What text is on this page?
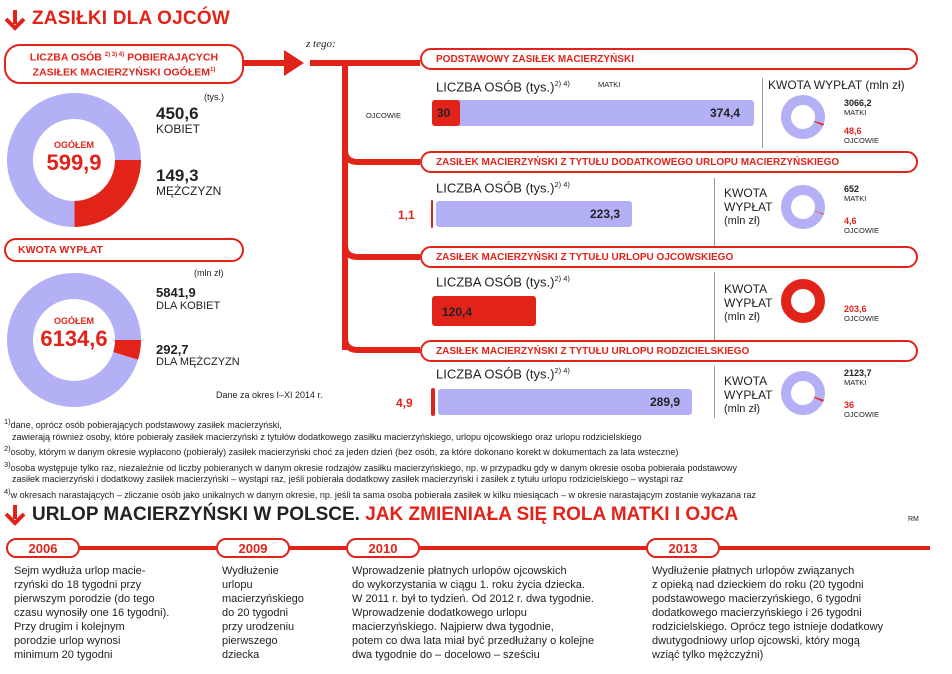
ZASIŁKI DLA OJCÓW
z tego:
LICZBA OSÓB $^{2) 3) 4)}$ POBIERAJĄCYCH
ZASIŁEK MACIERZYŃSKI OGÓŁEM$^{1)}$
(tys.)
OGÓŁEM
599,9
450,6
KOBIET
149,3
MĘŻCZYZN
KWOTA WYPŁAT
(mln zł)
OGÓŁEM
6134,6
5841,9
DLA KOBIET
292,7
DLA MĘŻCZYZN
Dane za okres I–XI 2014 r.
PODSTAWOWY ZASIŁEK MACIERZYŃSKI
LICZBA OSÓB $(tys.)^{2) 4)}$	MATKI
OJCOWIE	30	374,4
KWOTA WYPŁAT (mln zł)
3066,2
MATKI
48,6
OJCOWIE
ZASIŁEK MACIERZYŃSKI Z TYTUŁU DODATKOWEGO URLOPU MACIERZYŃSKIEGO
LICZBA OSÓB $(tys.)^{2) 4)}$
1,1	223,3
KWOTA
WYPŁAT
(mln zł)
652
MATKI
4,6
OJCOWIE
ZASIŁEK MACIERZYŃSKI Z TYTUŁU URLOPU OJCOWSKIEGO
LICZBA OSÓB $(tys.)^{2) 4)}$
120,4
KWOTA
WYPŁAT
(mln zł)
203,6
OJCOWIE
ZASIŁEK MACIERZYŃSKI Z TYTUŁU URLOPU RODZICIELSKIEGO
LICZBA OSÓB $(tys.)^{2) 4)}$
4,9	289,9
KWOTA
WYPŁAT
(mln zł)
2123,7
MATKI
36
OJCOWIE
$^{1)}$dane, oprócz osób pobierających podstawowy zasiłek macierzyński,
zawierają również osoby, które pobierały zasiłek macierzyński z tytułów dodatkowego zasiłku macierzyńskiego, urlopu ojcowskiego oraz urlopu rodzicielskiego
$^{2)}$osoby, którym w danym okresie wypłacono (pobierały) zasiłek macierzyński choć za jeden dzień (bez osób, za które dokonano korekt w dokumentach za lata wsteczne)
$^{3)}$osoba występuje tylko raz, niezależnie od liczby pobieranych w danym okresie rodzajów zasiłku macierzyńskiego, np. w przypadku gdy w danym okresie osoba pobierała podstawowy
zasiłek macierzyński i dodatkowy zasiłek macierzyński – wystąpi raz, jeśli pobierała dodatkowy zasiłek macierzyński i zasiłek z tytułu urlopu rodzicielskiego – wystąpi raz
$^{4)}$w okresach narastających – zliczanie osób jako unikalnych w danym okresie, np. jeśli ta sama osoba pobierała zasiłek w kilku miesiącach – w okresie narastającym zostanie wykazana raz
URLOP MACIERZYŃSKI W POLSCE. JAK ZMIENIAŁA SIĘ ROLA MATKI I OJCA	RM
2006	2009	2010	2013
Sejm wydłuża urlop macie-
rzyński do 18 tygodni przy
pierwszym porodzie (do tego
czasu wynosiły one 16 tygodni).
Przy drugim i kolejnym
porodzie urlop wynosi
minimum 20 tygodni
Wydłużenie
urlopu
macierzyńskiego
do 20 tygodni
przy urodzeniu
pierwszego
dziecka
Wprowadzenie płatnych urlopów ojcowskich
do wykorzystania w ciągu 1. roku życia dziecka.
W 2011 r. był to tydzień. Od 2012 r. dwa tygodnie.
Wprowadzenie dodatkowego urlopu
macierzyńskiego. Najpierw dwa tygodnie,
potem co dwa lata miał być przedłużany o kolejne
dwa tygodnie do – docelowo – sześciu
Wydłużenie płatnych urlopów związanych
z opieką nad dzieckiem do roku (20 tygodni
podstawowego macierzyńskiego, 6 tygodni
dodatkowego macierzyńskiego i 26 tygodni
rodzicielskiego. Oprócz tego istnieje dodatkowy
dwutygodniowy urlop ojcowski, który mogą
wziąć tylko mężczyźni)
